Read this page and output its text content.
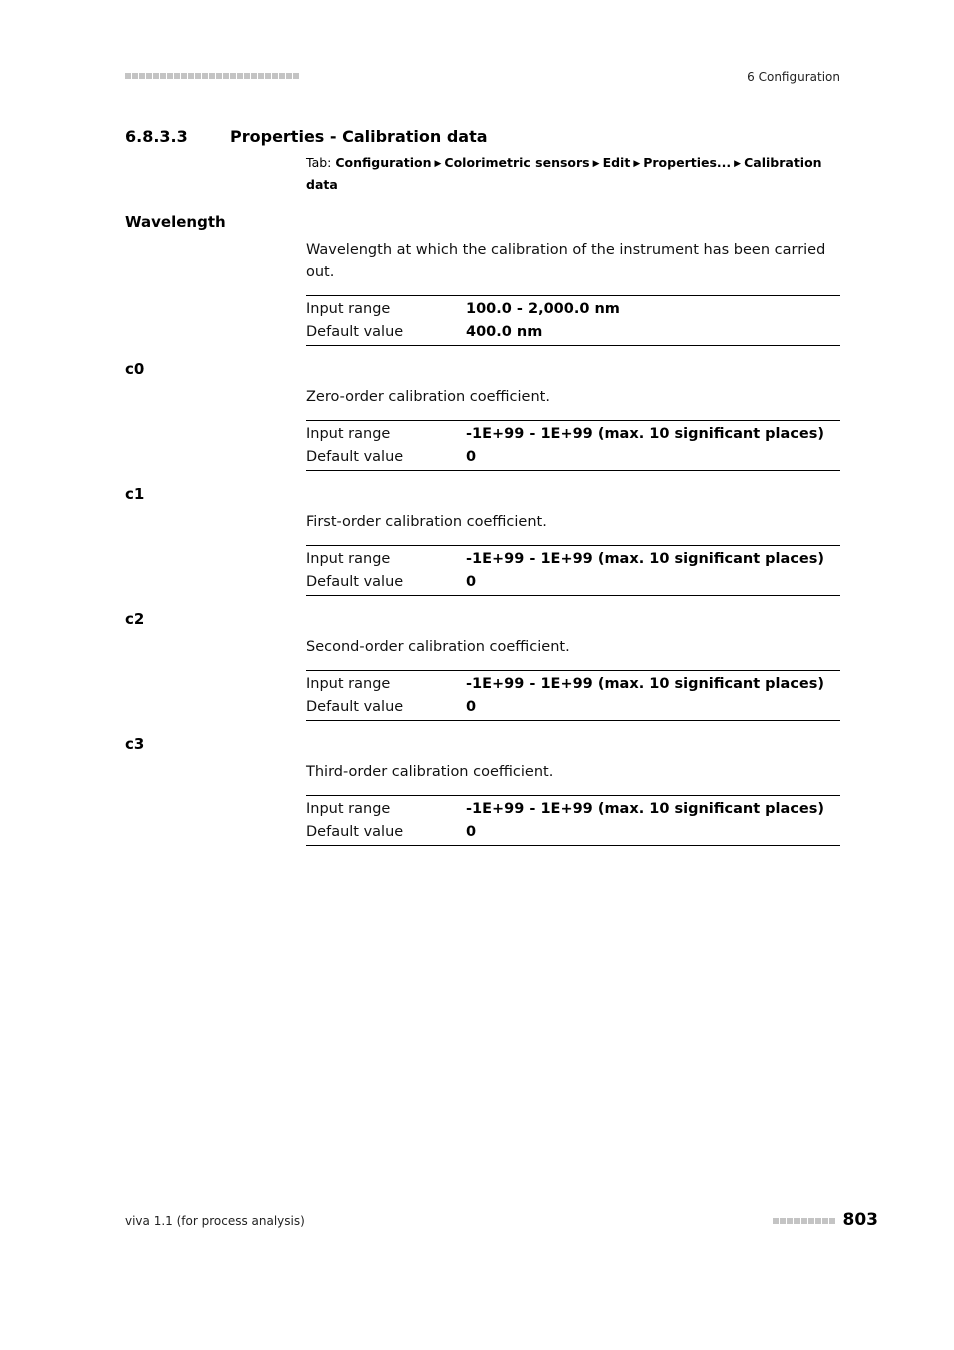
6 Configuration
6.8.3.3	Properties - Calibration data
Tab: Configuration ▶ Colorimetric sensors ▶ Edit ▶ Properties... ▶ Calibration data
Wavelength
Wavelength at which the calibration of the instrument has been carried out.
Input range	100.0 - 2,000.0 nm
Default value	400.0 nm
c0
Zero-order calibration coefficient.
Input range	-1E+99 - 1E+99 (max. 10 significant places)
Default value	0
c1
First-order calibration coefficient.
Input range	-1E+99 - 1E+99 (max. 10 significant places)
Default value	0
c2
Second-order calibration coefficient.
Input range	-1E+99 - 1E+99 (max. 10 significant places)
Default value	0
c3
Third-order calibration coefficient.
Input range	-1E+99 - 1E+99 (max. 10 significant places)
Default value	0
viva 1.1 (for process analysis)	803
